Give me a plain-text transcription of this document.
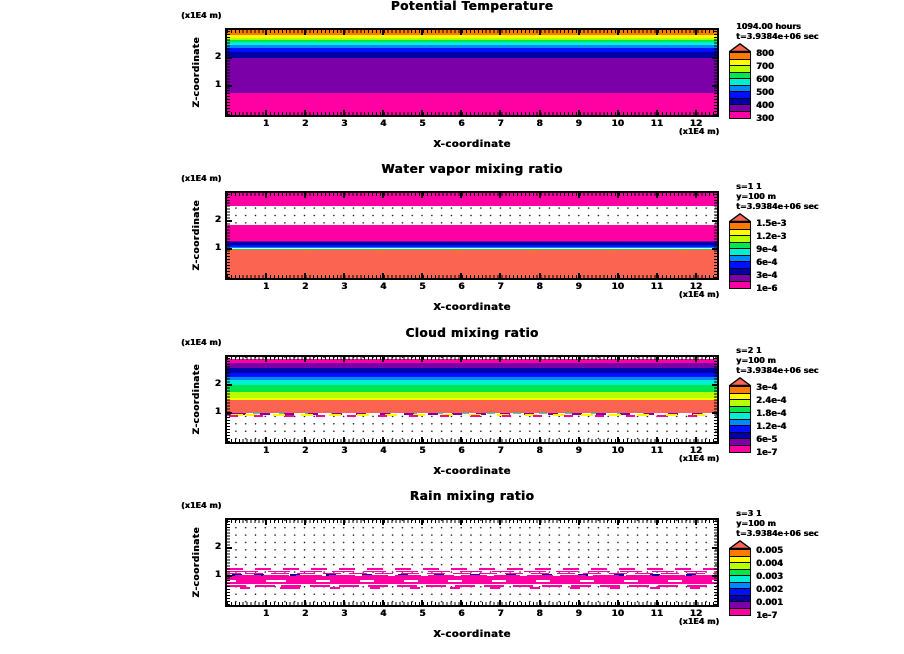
Potential Temperature
(x1E4 m)
Z-coordinate
1	2	3	4	5	6	7	8	9	10	11	12
2
1
(x1E4 m)
X-coordinate
1094.00 hours
t=3.9384e+06 sec
800
700
600
500
400
300
Water vapor mixing ratio
(x1E4 m)
Z-coordinate
1	2	3	4	5	6	7	8	9	10	11	12
2
1
(x1E4 m)
X-coordinate
s=1 1
y=100 m
t=3.9384e+06 sec
1.5e-3
1.2e-3
9e-4
6e-4
3e-4
1e-6
Cloud mixing ratio
(x1E4 m)
Z-coordinate
1	2	3	4	5	6	7	8	9	10	11	12
2
1
(x1E4 m)
X-coordinate
s=2 1
y=100 m
t=3.9384e+06 sec
3e-4
2.4e-4
1.8e-4
1.2e-4
6e-5
1e-7
Rain mixing ratio
(x1E4 m)
Z-coordinate
1	2	3	4	5	6	7	8	9	10	11	12
2
1
(x1E4 m)
X-coordinate
s=3 1
y=100 m
t=3.9384e+06 sec
0.005
0.004
0.003
0.002
0.001
1e-7
